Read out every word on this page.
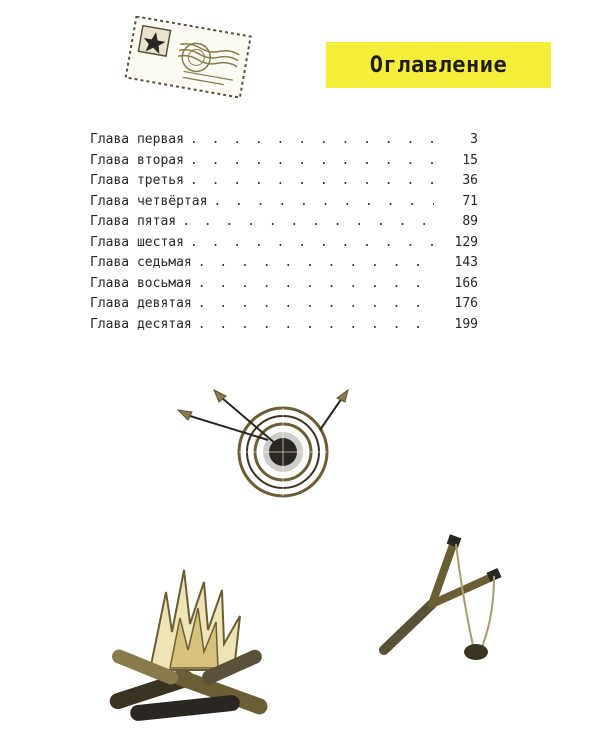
Оглавление
Глава первая . . .	3
Глава вторая . . .	15
Глава третья . . .	36
Глава четвёртая . . .	71
Глава пятая . . .	89
Глава шестая . . .	129
Глава седьмая . . .	143
Глава восьмая . . .	166
Глава девятая . . .	176
Глава десятая . . .	199
